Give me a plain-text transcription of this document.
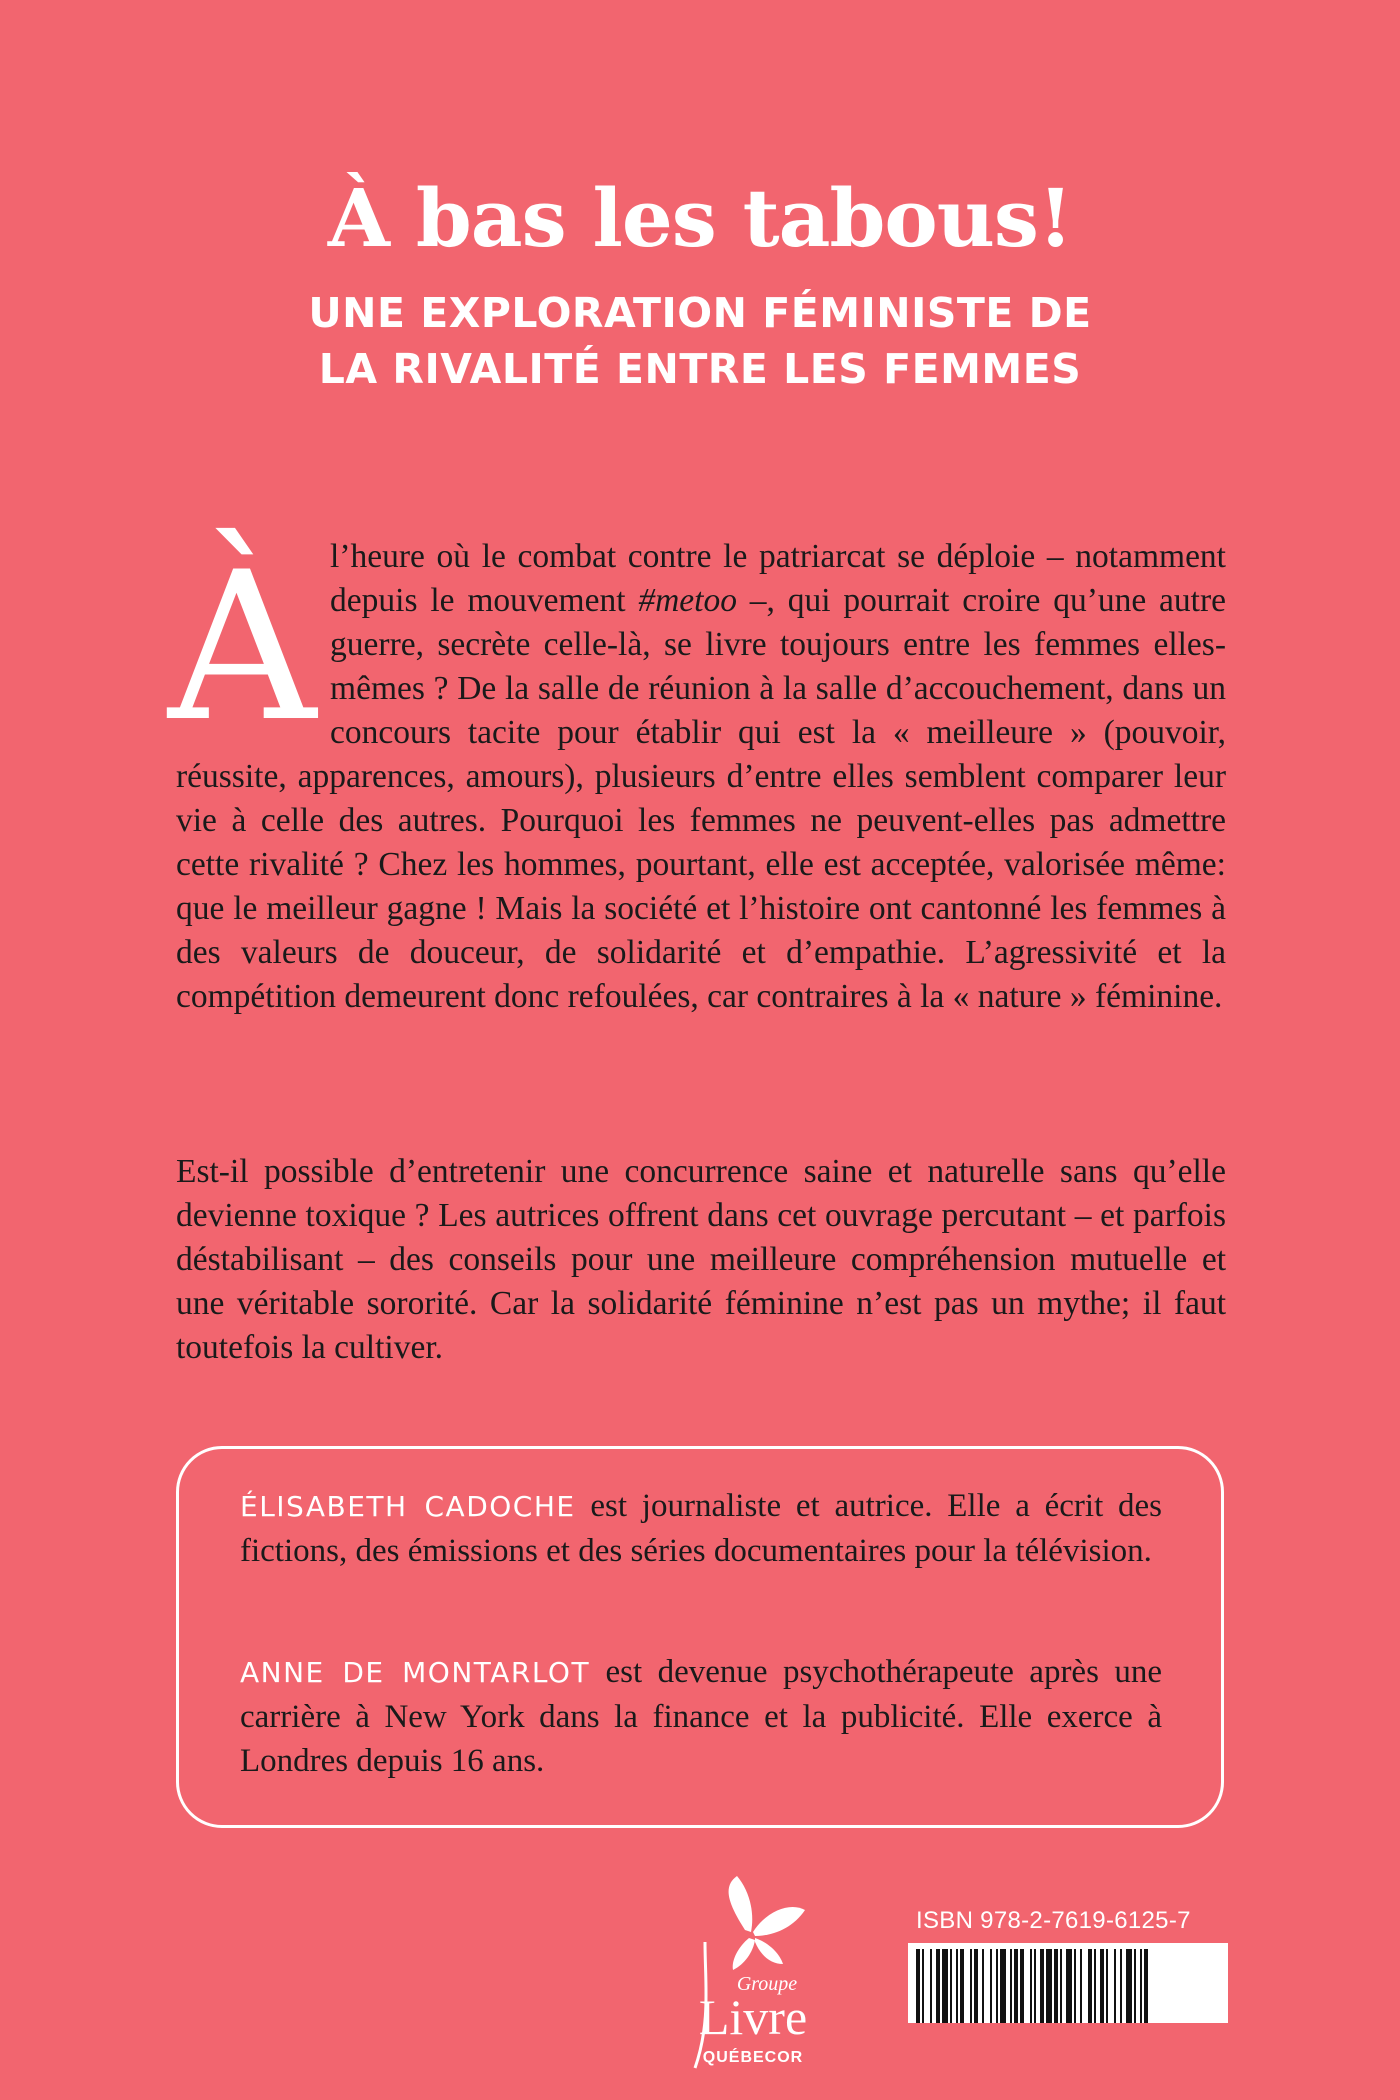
À bas les tabous!
UNE EXPLORATION FÉMINISTE DE
LA RIVALITÉ ENTRE LES FEMMES

À l’heure où le combat contre le patriarcat se déploie – notamment depuis le mouvement #metoo –, qui pourrait croire qu’une autre guerre, secrète celle-là, se livre toujours entre les femmes elles-mêmes ? De la salle de réunion à la salle d’accouchement, dans un concours tacite pour établir qui est la « meilleure » (pouvoir, réussite, apparences, amours), plusieurs d’entre elles semblent comparer leur vie à celle des autres. Pourquoi les femmes ne peuvent-elles pas admettre cette rivalité ? Chez les hommes, pourtant, elle est acceptée, valorisée même: que le meilleur gagne ! Mais la société et l’histoire ont cantonné les femmes à des valeurs de douceur, de solidarité et d’empathie. L’agressivité et la compétition demeurent donc refoulées, car contraires à la « nature » féminine.

Est-il possible d’entretenir une concurrence saine et naturelle sans qu’elle devienne toxique ? Les autrices offrent dans cet ouvrage percutant – et parfois déstabilisant – des conseils pour une meilleure compréhension mutuelle et une véritable sororité. Car la solidarité féminine n’est pas un mythe; il faut toutefois la cultiver.

ÉLISABETH CADOCHE est journaliste et autrice. Elle a écrit des fictions, des émissions et des séries documentaires pour la télévision.

ANNE DE MONTARLOT est devenue psychothérapeute après une carrière à New York dans la finance et la publicité. Elle exerce à Londres depuis 16 ans.

Groupe
Livre
QUÉBECOR
ISBN 978-2-7619-6125-7
